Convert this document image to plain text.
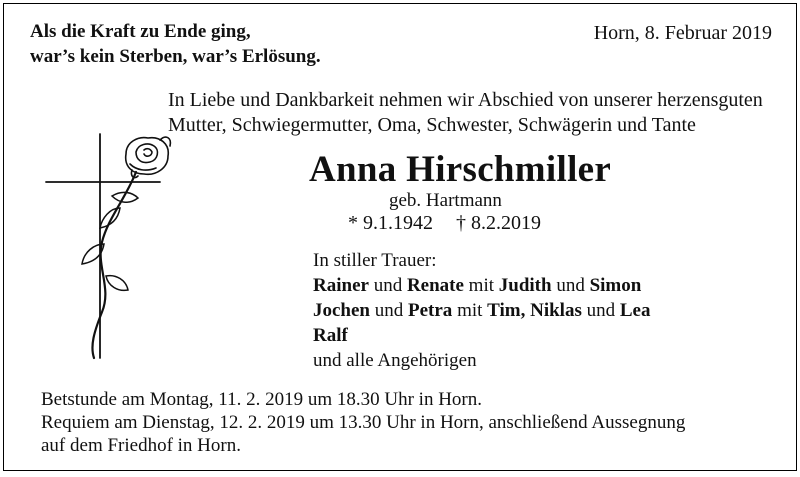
Als die Kraft zu Ende ging,
war’s kein Sterben, war’s Erlösung.
Horn, 8. Februar 2019
In Liebe und Dankbarkeit nehmen wir Abschied von unserer herzensguten
Mutter, Schwiegermutter, Oma, Schwester, Schwägerin und Tante
Anna Hirschmiller
geb. Hartmann
* 9.1.1942 † 8.2.2019
In stiller Trauer:
Rainer und Renate mit Judith und Simon
Jochen und Petra mit Tim, Niklas und Lea
Ralf
und alle Angehörigen
Betstunde am Montag, 11. 2. 2019 um 18.30 Uhr in Horn.
Requiem am Dienstag, 12. 2. 2019 um 13.30 Uhr in Horn, anschließend Aussegnung
auf dem Friedhof in Horn.
